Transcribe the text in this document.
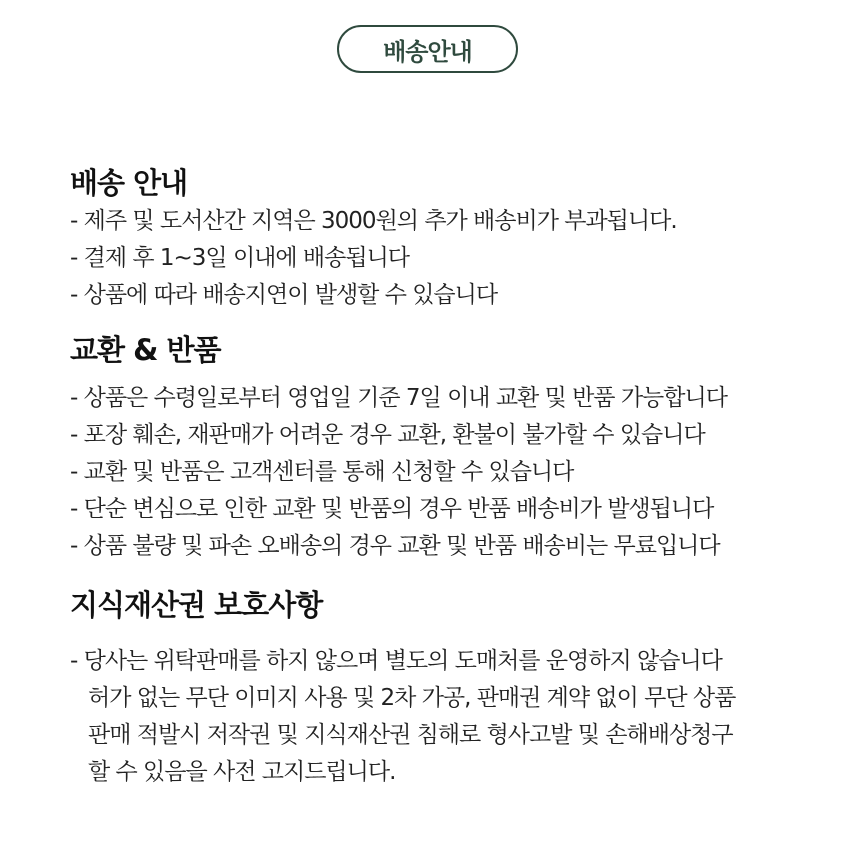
배송안내
배송 안내
- 제주 및 도서산간 지역은 3000원의 추가 배송비가 부과됩니다.
- 결제 후 1~3일 이내에 배송됩니다
- 상품에 따라 배송지연이 발생할 수 있습니다
교환 & 반품
- 상품은 수령일로부터 영업일 기준 7일 이내 교환 및 반품 가능합니다
- 포장 훼손, 재판매가 어려운 경우 교환, 환불이 불가할 수 있습니다
- 교환 및 반품은 고객센터를 통해 신청할 수 있습니다
- 단순 변심으로 인한 교환 및 반품의 경우 반품 배송비가 발생됩니다
- 상품 불량 및 파손 오배송의 경우 교환 및 반품 배송비는 무료입니다
지식재산권 보호사항
- 당사는 위탁판매를 하지 않으며 별도의 도매처를 운영하지 않습니다
허가 없는 무단 이미지 사용 및 2차 가공, 판매권 계약 없이 무단 상품
판매 적발시 저작권 및 지식재산권 침해로 형사고발 및 손해배상청구
할 수 있음을 사전 고지드립니다.
